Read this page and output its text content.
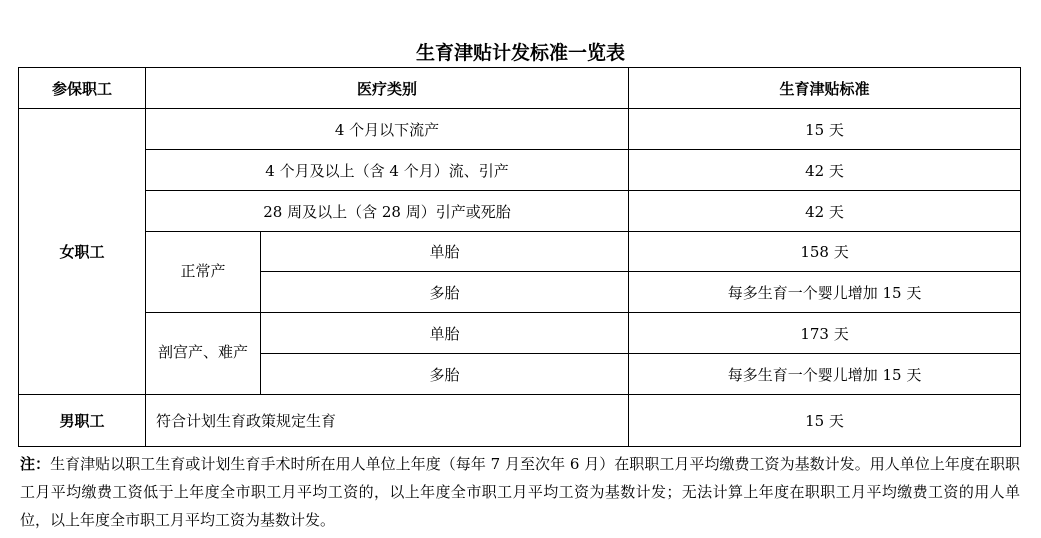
生育津贴计发标准一览表
参保职工	医疗类别		生育津贴标准
女职工	4 个月以下流产		15 天
	4 个月及以上（含 4 个月）流、引产		42 天
	28 周及以上（含 28 周）引产或死胎		42 天
	正常产	单胎	158 天
		多胎	每多生育一个婴儿增加 15 天
	剖宫产、难产	单胎	173 天
		多胎	每多生育一个婴儿增加 15 天
男职工	符合计划生育政策规定生育		15 天
注：生育津贴以职工生育或计划生育手术时所在用人单位上年度（每年 7 月至次年 6 月）在职职工月平均缴费工资为基数计发。用人单位上年度在职职工月平均缴费工资低于上年度全市职工月平均工资的，以上年度全市职工月平均工资为基数计发；无法计算上年度在职职工月平均缴费工资的用人单位，以上年度全市职工月平均工资为基数计发。
